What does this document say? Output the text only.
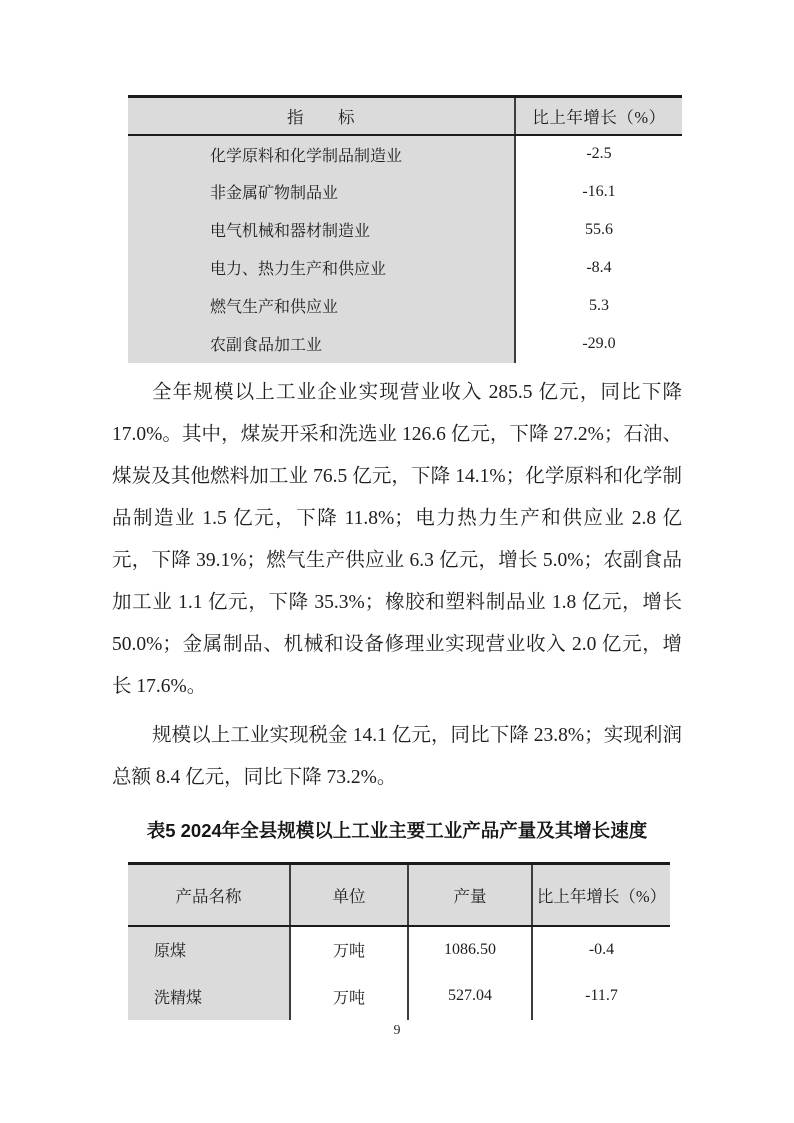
指　　标	比上年增长（%）
化学原料和化学制品制造业	-2.5
非金属矿物制品业	-16.1
电气机械和器材制造业	55.6
电力、热力生产和供应业	-8.4
燃气生产和供应业	5.3
农副食品加工业	-29.0

全年规模以上工业企业实现营业收入 285.5 亿元，同比下降 17.0%。其中，煤炭开采和洗选业 126.6 亿元，下降 27.2%；石油、煤炭及其他燃料加工业 76.5 亿元，下降 14.1%；化学原料和化学制品制造业 1.5 亿元，下降 11.8%；电力热力生产和供应业 2.8 亿元，下降 39.1%；燃气生产供应业 6.3 亿元，增长 5.0%；农副食品加工业 1.1 亿元，下降 35.3%；橡胶和塑料制品业 1.8 亿元，增长 50.0%；金属制品、机械和设备修理业实现营业收入 2.0 亿元，增长 17.6%。

规模以上工业实现税金 14.1 亿元，同比下降 23.8%；实现利润总额 8.4 亿元，同比下降 73.2%。

表5 2024年全县规模以上工业主要工业产品产量及其增长速度
产品名称	单位	产量	比上年增长（%）
原煤	万吨	1086.50	-0.4
洗精煤	万吨	527.04	-11.7
9
